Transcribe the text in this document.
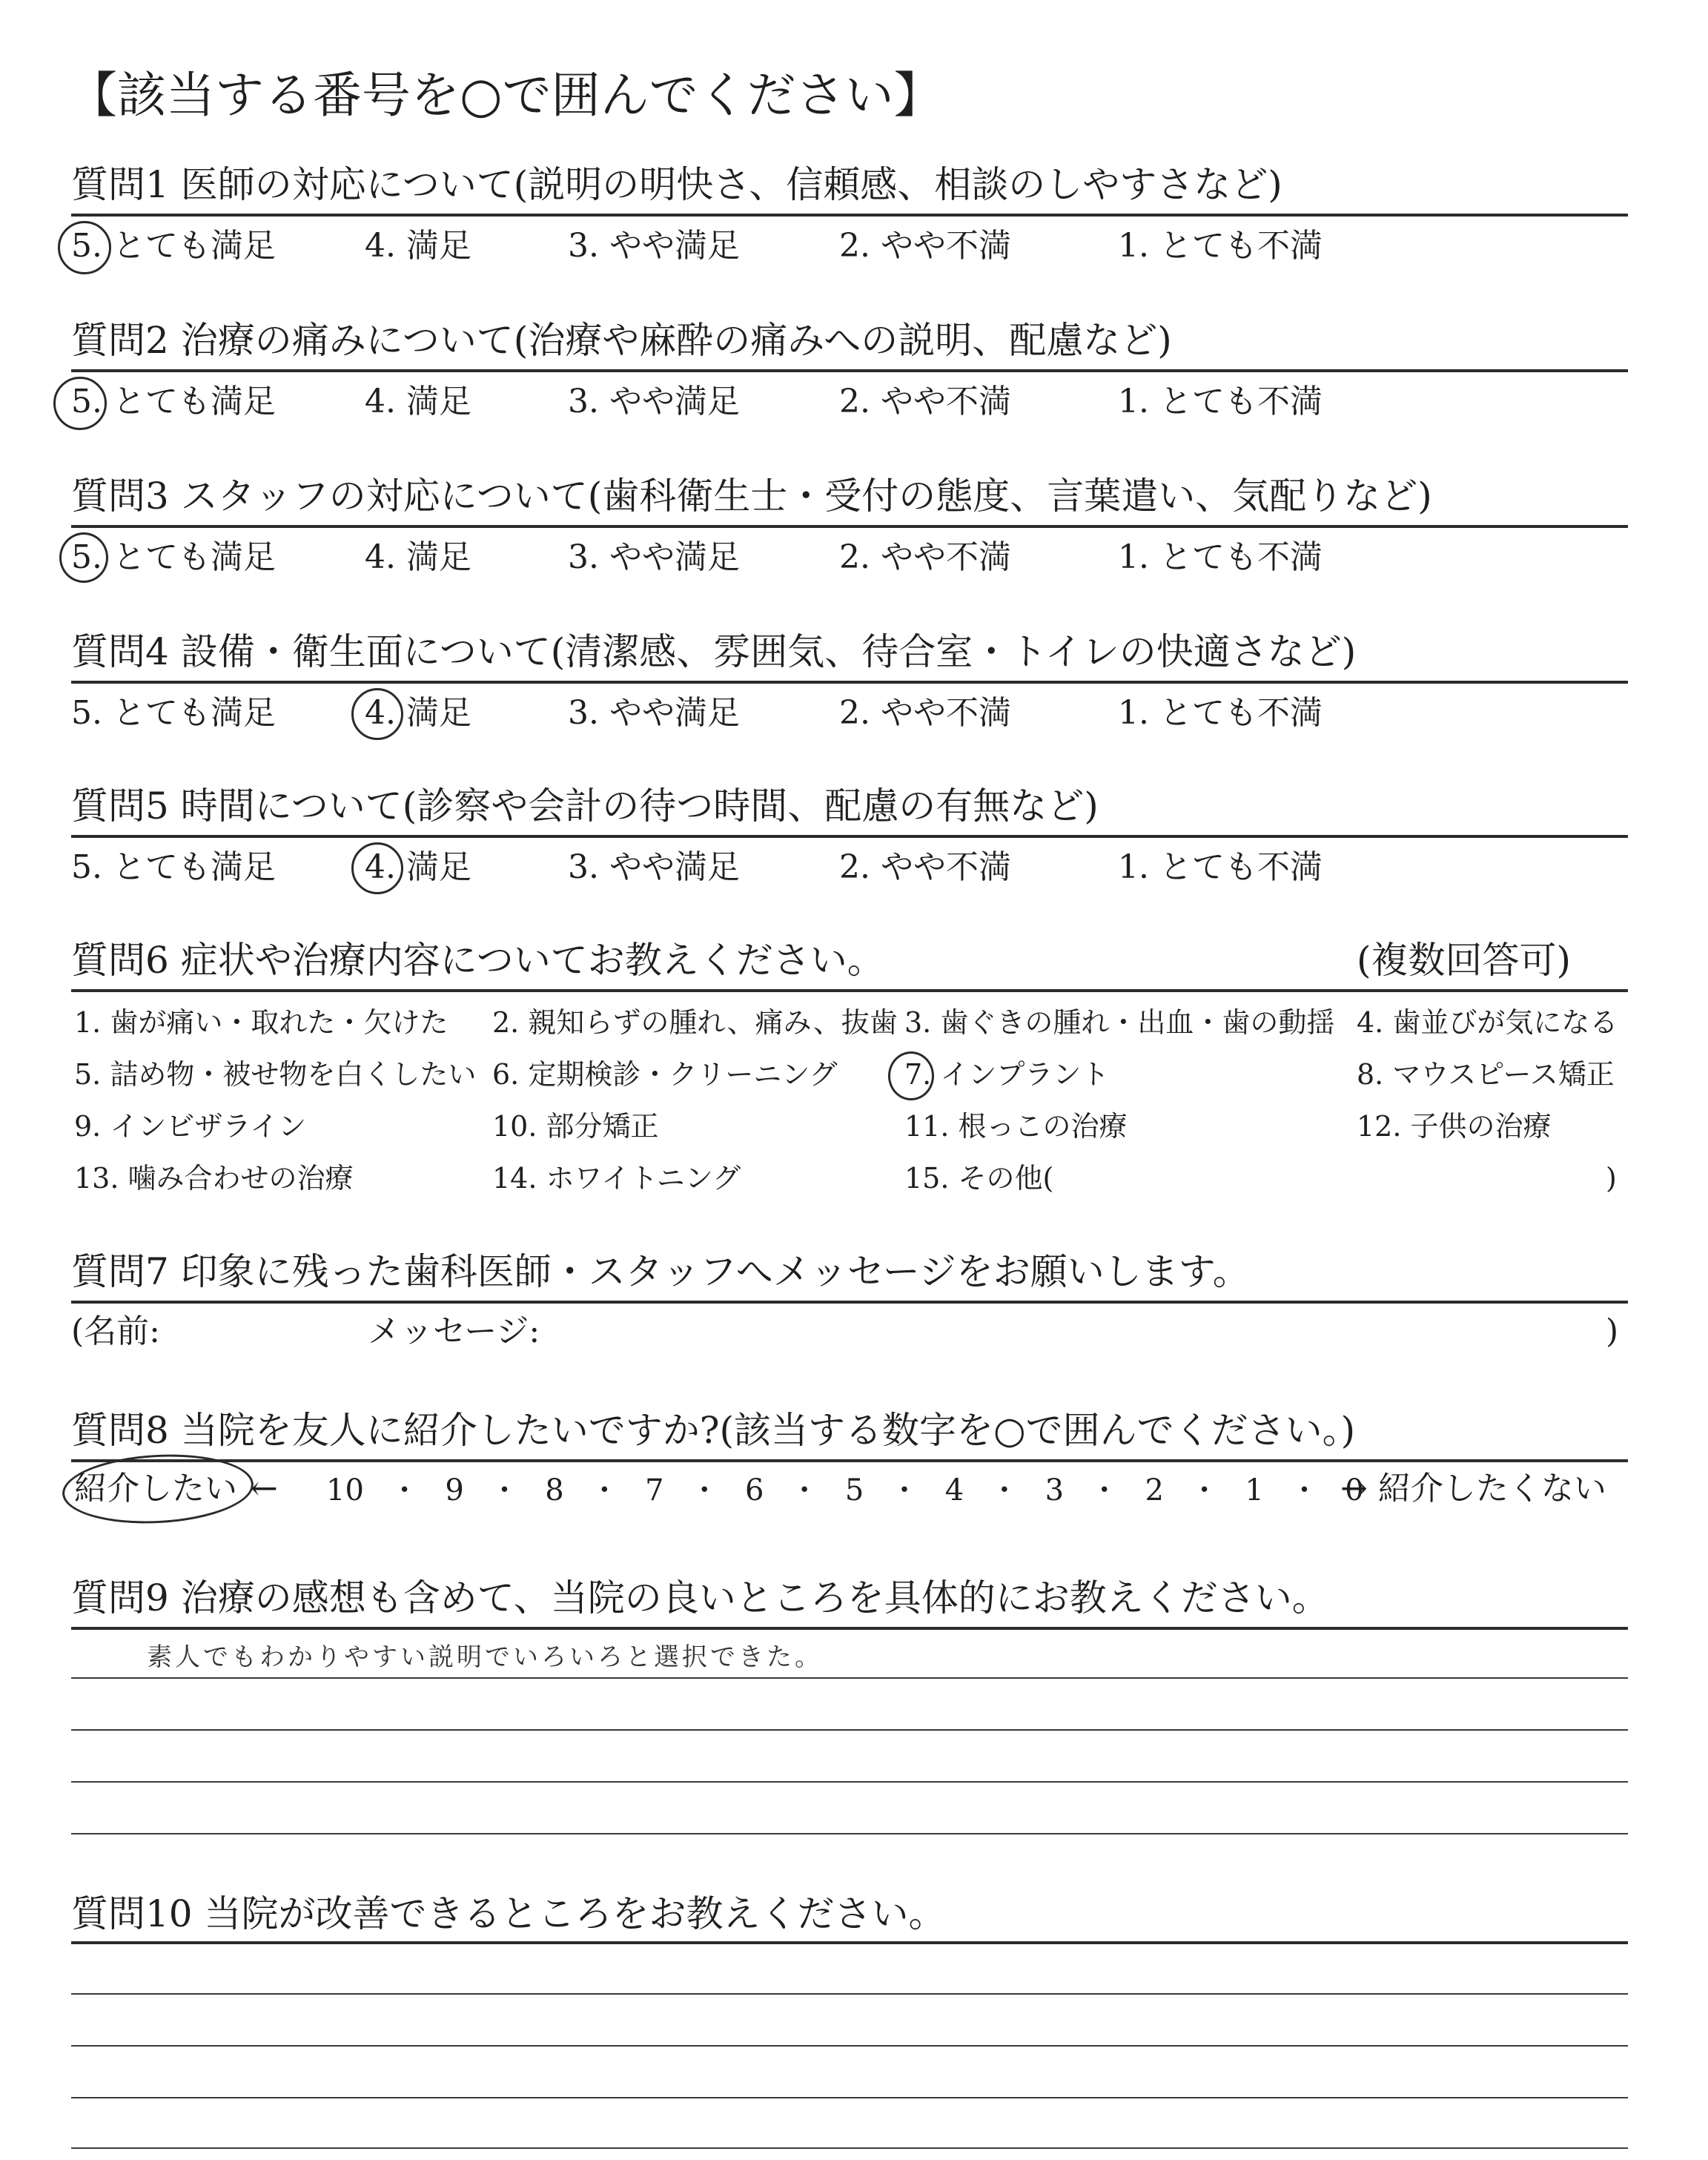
【該当する番号を○で囲んでください】
質問1 医師の対応について(説明の明快さ、信頼感、相談のしやすさなど)
5. とても満足	4. 満足	3. やや満足	2. やや不満	1. とても不満
質問2 治療の痛みについて(治療や麻酔の痛みへの説明、配慮など)
5. とても満足	4. 満足	3. やや満足	2. やや不満	1. とても不満
質問3 スタッフの対応について(歯科衛生士・受付の態度、言葉遣い、気配りなど)
5. とても満足	4. 満足	3. やや満足	2. やや不満	1. とても不満
質問4 設備・衛生面について(清潔感、雰囲気、待合室・トイレの快適さなど)
5. とても満足	4. 満足	3. やや満足	2. やや不満	1. とても不満
質問5 時間について(診察や会計の待つ時間、配慮の有無など)
5. とても満足	4. 満足	3. やや満足	2. やや不満	1. とても不満
質問6 症状や治療内容についてお教えください。	(複数回答可)
1. 歯が痛い・取れた・欠けた 2. 親知らずの腫れ、痛み、抜歯 3. 歯ぐきの腫れ・出血・歯の動揺 4. 歯並びが気になる
5. 詰め物・被せ物を白くしたい 6. 定期検診・クリーニング 7. インプラント	8. マウスピース矯正
9. インビザライン	10. 部分矯正	11. 根っこの治療	12. 子供の治療
13. 噛み合わせの治療	14. ホワイトニング	15. その他(	)
質問7 印象に残った歯科医師・スタッフへメッセージをお願いします。
(名前:	メッセージ:	)
質問8 当院を友人に紹介したいですか?(該当する数字を○で囲んでください。)
紹介したい ← 10 ・ 9 ・ 8 ・ 7 ・ 6 ・ 5 ・ 4 ・ 3 ・ 2 ・ 1 ・ 0
→ 紹介したくない
質問9 治療の感想も含めて、当院の良いところを具体的にお教えください。
素人でもわかりやすい説明でいろいろと選択できた。
質問10 当院が改善できるところをお教えください。
